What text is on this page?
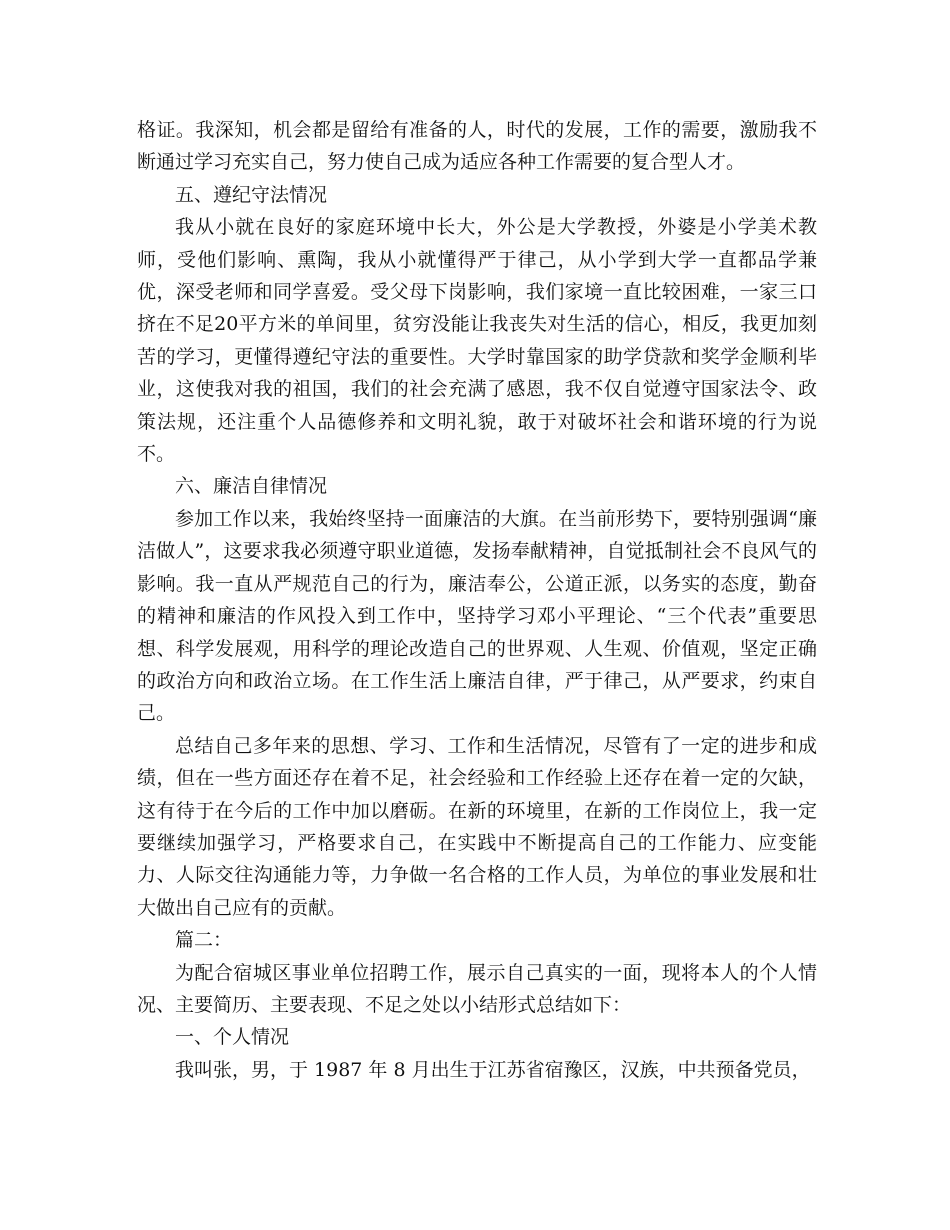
格证。我深知，机会都是留给有准备的人，时代的发展，工作的需要，激励我不断通过学习充实自己，努力使自己成为适应各种工作需要的复合型人才。

五、遵纪守法情况

我从小就在良好的家庭环境中长大，外公是大学教授，外婆是小学美术教师，受他们影响、熏陶，我从小就懂得严于律己，从小学到大学一直都品学兼优，深受老师和同学喜爱。受父母下岗影响，我们家境一直比较困难，一家三口挤在不足20平方米的单间里，贫穷没能让我丧失对生活的信心，相反，我更加刻苦的学习，更懂得遵纪守法的重要性。大学时靠国家的助学贷款和奖学金顺利毕业，这使我对我的祖国，我们的社会充满了感恩，我不仅自觉遵守国家法令、政策法规，还注重个人品德修养和文明礼貌，敢于对破坏社会和谐环境的行为说不。

六、廉洁自律情况

参加工作以来，我始终坚持一面廉洁的大旗。在当前形势下，要特别强调“廉洁做人”，这要求我必须遵守职业道德，发扬奉献精神，自觉抵制社会不良风气的影响。我一直从严规范自己的行为，廉洁奉公，公道正派，以务实的态度，勤奋的精神和廉洁的作风投入到工作中，坚持学习邓小平理论、“三个代表”重要思想、科学发展观，用科学的理论改造自己的世界观、人生观、价值观，坚定正确的政治方向和政治立场。在工作生活上廉洁自律，严于律己，从严要求，约束自己。

总结自己多年来的思想、学习、工作和生活情况，尽管有了一定的进步和成绩，但在一些方面还存在着不足，社会经验和工作经验上还存在着一定的欠缺，这有待于在今后的工作中加以磨砺。在新的环境里，在新的工作岗位上，我一定要继续加强学习，严格要求自己，在实践中不断提高自己的工作能力、应变能力、人际交往沟通能力等，力争做一名合格的工作人员，为单位的事业发展和壮大做出自己应有的贡献。

篇二：

为配合宿城区事业单位招聘工作，展示自己真实的一面，现将本人的个人情况、主要简历、主要表现、不足之处以小结形式总结如下：

一、个人情况

我叫张，男，于 1987 年 8 月出生于江苏省宿豫区，汉族，中共预备党员，
